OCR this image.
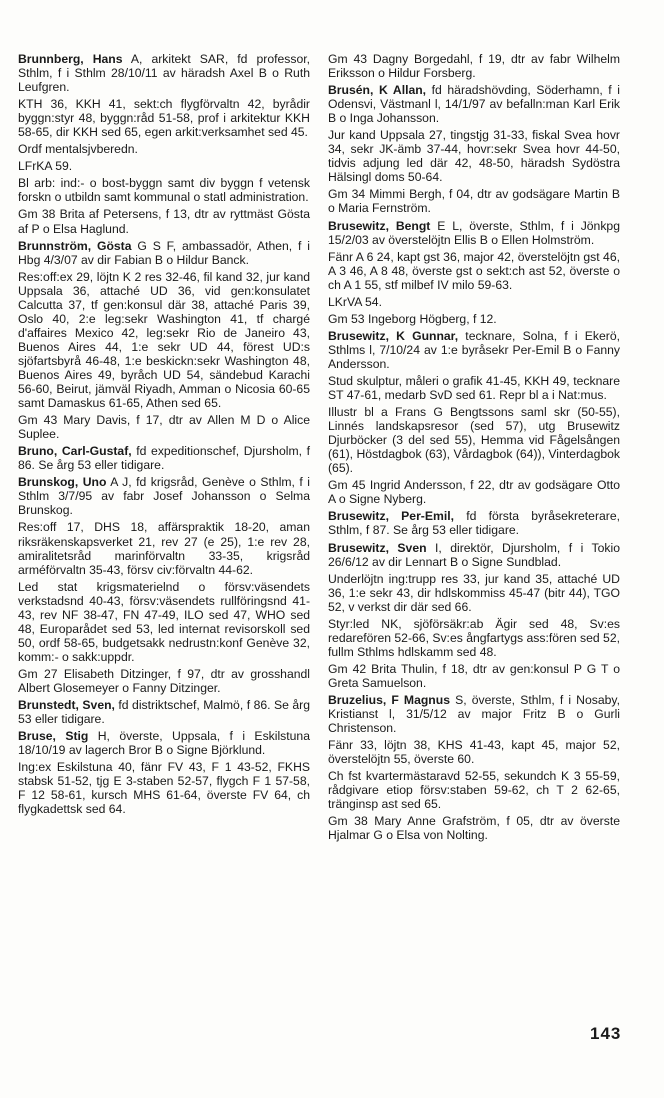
Brunnberg, Hans A, arkitekt SAR, fd professor, Sthlm, f i Sthlm 28/10/11 av häradsh Axel B o Ruth Leufgren.

KTH 36, KKH 41, sekt:ch flygförvaltn 42, byrådir byggn:styr 48, byggn:råd 51-58, prof i arkitektur KKH 58-65, dir KKH sed 65, egen arkit:verksamhet sed 45.

Ordf mentalsjvberedn.

LFrKA 59.

Bl arb: ind:- o bost-byggn samt div byggn f vetensk forskn o utbildn samt kommunal o statl administration.

Gm 38 Brita af Petersens, f 13, dtr av ryttmäst Gösta af P o Elsa Haglund.

Brunnström, Gösta G S F, ambassadör, Athen, f i Hbg 4/3/07 av dir Fabian B o Hildur Banck.

Res:off:ex 29, löjtn K 2 res 32-46, fil kand 32, jur kand Uppsala 36, attaché UD 36, vid gen:konsulatet Calcutta 37, tf gen:konsul där 38, attaché Paris 39, Oslo 40, 2:e leg:sekr Washington 41, tf chargé d'affaires Mexico 42, leg:sekr Rio de Janeiro 43, Buenos Aires 44, 1:e sekr UD 44, förest UD:s sjöfartsbyrå 46-48, 1:e beskickn:sekr Washington 48, Buenos Aires 49, byråch UD 54, sändebud Karachi 56-60, Beirut, jämväl Riyadh, Amman o Nicosia 60-65 samt Damaskus 61-65, Athen sed 65.

Gm 43 Mary Davis, f 17, dtr av Allen M D o Alice Suplee.

Bruno, Carl-Gustaf, fd expeditionschef, Djursholm, f 86. Se årg 53 eller tidigare.

Brunskog, Uno A J, fd krigsråd, Genève o Sthlm, f i Sthlm 3/7/95 av fabr Josef Johansson o Selma Brunskog.

Res:off 17, DHS 18, affärspraktik 18-20, aman riksräkenskapsverket 21, rev 27 (e 25), 1:e rev 28, amiralitetsråd marinförvaltn 33-35, krigsråd arméförvaltn 35-43, försv civ:förvaltn 44-62.

Led stat krigsmaterielnd o försv:väsendets verkstadsnd 40-43, försv:väsendets rullföringsnd 41-43, rev NF 38-47, FN 47-49, ILO sed 47, WHO sed 48, Europarådet sed 53, led internat revisorskoll sed 50, ordf 58-65, budgetsakk nedrustn:konf Genève 32, komm:- o sakk:uppdr.

Gm 27 Elisabeth Ditzinger, f 97, dtr av grosshandl Albert Glosemeyer o Fanny Ditzinger.

Brunstedt, Sven, fd distriktschef, Malmö, f 86. Se årg 53 eller tidigare.

Bruse, Stig H, överste, Uppsala, f i Eskilstuna 18/10/19 av lagerch Bror B o Signe Björklund.

Ing:ex Eskilstuna 40, fänr FV 43, F 1 43-52, FKHS stabsk 51-52, tjg E 3-staben 52-57, flygch F 1 57-58, F 12 58-61, kursch MHS 61-64, överste FV 64, ch flygkadettsk sed 64.

Gm 43 Dagny Borgedahl, f 19, dtr av fabr Wilhelm Eriksson o Hildur Forsberg.

Brusén, K Allan, fd häradshövding, Söderhamn, f i Odensvi, Västmanl l, 14/1/97 av befalln:man Karl Erik B o Inga Johansson.

Jur kand Uppsala 27, tingstjg 31-33, fiskal Svea hovr 34, sekr JK-ämb 37-44, hovr:sekr Svea hovr 44-50, tidvis adjung led där 42, 48-50, häradsh Sydöstra Hälsingl doms 50-64.

Gm 34 Mimmi Bergh, f 04, dtr av godsägare Martin B o Maria Fernström.

Brusewitz, Bengt E L, överste, Sthlm, f i Jönkpg 15/2/03 av överstelöjtn Ellis B o Ellen Holmström.

Fänr A 6 24, kapt gst 36, major 42, överstelöjtn gst 46, A 3 46, A 8 48, överste gst o sekt:ch ast 52, överste o ch A 1 55, stf milbef IV milo 59-63.

LKrVA 54.

Gm 53 Ingeborg Högberg, f 12.

Brusewitz, K Gunnar, tecknare, Solna, f i Ekerö, Sthlms l, 7/10/24 av 1:e byråsekr Per-Emil B o Fanny Andersson.

Stud skulptur, måleri o grafik 41-45, KKH 49, tecknare ST 47-61, medarb SvD sed 61. Repr bl a i Nat:mus.

Illustr bl a Frans G Bengtssons saml skr (50-55), Linnés landskapsresor (sed 57), utg Brusewitz Djurböcker (3 del sed 55), Hemma vid Fågelsången (61), Höstdagbok (63), Vårdagbok (64)), Vinterdagbok (65).

Gm 45 Ingrid Andersson, f 22, dtr av godsägare Otto A o Signe Nyberg.

Brusewitz, Per-Emil, fd första byråsekreterare, Sthlm, f 87. Se årg 53 eller tidigare.

Brusewitz, Sven I, direktör, Djursholm, f i Tokio 26/6/12 av dir Lennart B o Signe Sundblad.

Underlöjtn ing:trupp res 33, jur kand 35, attaché UD 36, 1:e sekr 43, dir hdlskommiss 45-47 (bitr 44), TGO 52, v verkst dir där sed 66.

Styr:led NK, sjöförsäkr:ab Ägir sed 48, Sv:es redarefören 52-66, Sv:es ångfartygs ass:fören sed 52, fullm Sthlms hdlskamm sed 48.

Gm 42 Brita Thulin, f 18, dtr av gen:konsul P G T o Greta Samuelson.

Bruzelius, F Magnus S, överste, Sthlm, f i Nosaby, Kristianst l, 31/5/12 av major Fritz B o Gurli Christenson.

Fänr 33, löjtn 38, KHS 41-43, kapt 45, major 52, överstelöjtn 55, överste 60.

Ch fst kvartermästaravd 52-55, sekundch K 3 55-59, rådgivare etiop försv:staben 59-62, ch T 2 62-65, tränginsp ast sed 65.

Gm 38 Mary Anne Grafström, f 05, dtr av överste Hjalmar G o Elsa von Nolting.

143
